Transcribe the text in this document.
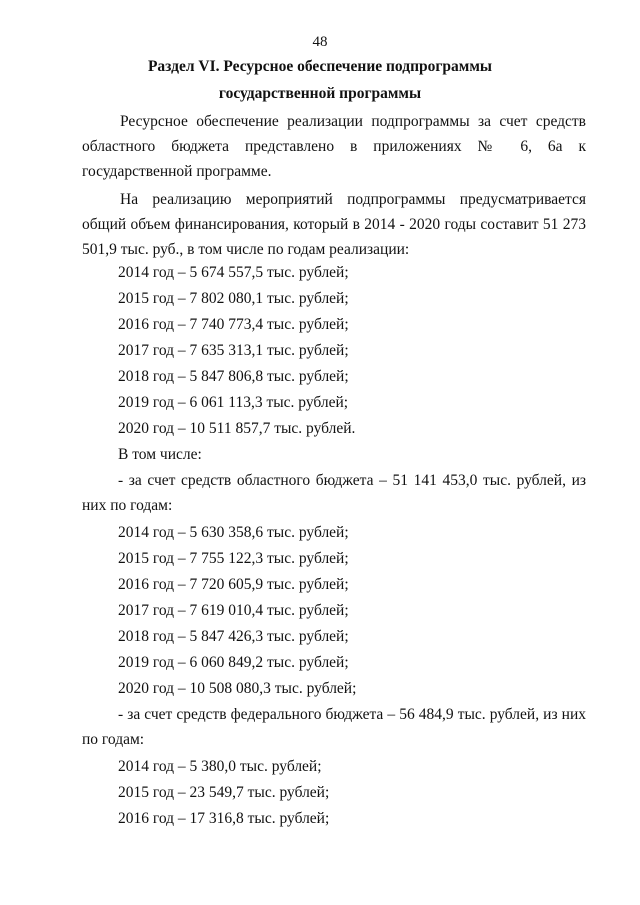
48
Раздел VI. Ресурсное обеспечение подпрограммы
государственной программы

Ресурсное обеспечение реализации подпрограммы за счет средств областного бюджета представлено в приложениях № 6, 6а к государственной программе.

На реализацию мероприятий подпрограммы предусматривается общий объем финансирования, который в 2014 - 2020 годы составит 51 273 501,9 тыс. руб., в том числе по годам реализации:

2014 год – 5 674 557,5 тыс. рублей;
2015 год – 7 802 080,1 тыс. рублей;
2016 год – 7 740 773,4 тыс. рублей;
2017 год – 7 635 313,1 тыс. рублей;
2018 год – 5 847 806,8 тыс. рублей;
2019 год – 6 061 113,3 тыс. рублей;
2020 год – 10 511 857,7 тыс. рублей.
В том числе:
- за счет средств областного бюджета – 51 141 453,0 тыс. рублей, из них по годам:
2014 год – 5 630 358,6 тыс. рублей;
2015 год – 7 755 122,3 тыс. рублей;
2016 год – 7 720 605,9 тыс. рублей;
2017 год – 7 619 010,4 тыс. рублей;
2018 год – 5 847 426,3 тыс. рублей;
2019 год – 6 060 849,2 тыс. рублей;
2020 год – 10 508 080,3 тыс. рублей;
- за счет средств федерального бюджета – 56 484,9 тыс. рублей, из них по годам:
2014 год – 5 380,0 тыс. рублей;
2015 год – 23 549,7 тыс. рублей;
2016 год – 17 316,8 тыс. рублей;
